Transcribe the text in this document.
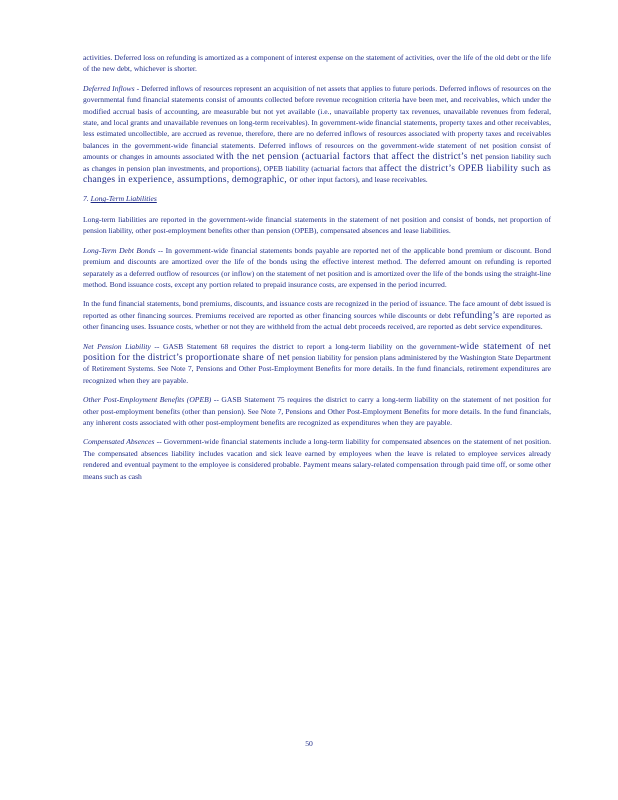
activities. Deferred loss on refunding is amortized as a component of interest expense on the statement of activities, over the life of the old debt or the life of the new debt, whichever is shorter.

Deferred Inflows - Deferred inflows of resources represent an acquisition of net assets that applies to future periods. Deferred inflows of resources on the governmental fund financial statements consist of amounts collected before revenue recognition criteria have been met, and receivables, which under the modified accrual basis of accounting, are measurable but not yet available (i.e., unavailable property tax revenues, unavailable revenues from federal, state, and local grants and unavailable revenues on long-term receivables). In government-wide financial statements, property taxes and other receivables, less estimated uncollectible, are accrued as revenue, therefore, there are no deferred inflows of resources associated with property taxes and receivables balances in the government-wide financial statements. Deferred inflows of resources on the government-wide statement of net position consist of amounts or changes in amounts associated with the net pension (actuarial factors that affect the district’s net pension liability such as changes in pension plan investments, and proportions), OPEB liability (actuarial factors that affect the district’s OPEB liability such as changes in experience, assumptions, demographic, or other input factors), and lease receivables.

7. Long-Term Liabilities

Long-term liabilities are reported in the government-wide financial statements in the statement of net position and consist of bonds, net proportion of pension liability, other post-employment benefits other than pension (OPEB), compensated absences and lease liabilities.

Long-Term Debt Bonds -- In government-wide financial statements bonds payable are reported net of the applicable bond premium or discount. Bond premium and discounts are amortized over the life of the bonds using the effective interest method. The deferred amount on refunding is reported separately as a deferred outflow of resources (or inflow) on the statement of net position and is amortized over the life of the bonds using the straight-line method. Bond issuance costs, except any portion related to prepaid insurance costs, are expensed in the period incurred.

In the fund financial statements, bond premiums, discounts, and issuance costs are recognized in the period of issuance. The face amount of debt issued is reported as other financing sources. Premiums received are reported as other financing sources while discounts or debt refunding’s are reported as other financing uses. Issuance costs, whether or not they are withheld from the actual debt proceeds received, are reported as debt service expenditures.

Net Pension Liability -- GASB Statement 68 requires the district to report a long-term liability on the government-wide statement of net position for the district’s proportionate share of net pension liability for pension plans administered by the Washington State Department of Retirement Systems. See Note 7, Pensions and Other Post-Employment Benefits for more details. In the fund financials, retirement expenditures are recognized when they are payable.

Other Post-Employment Benefits (OPEB) -- GASB Statement 75 requires the district to carry a long-term liability on the statement of net position for other post-employment benefits (other than pension). See Note 7, Pensions and Other Post-Employment Benefits for more details. In the fund financials, any inherent costs associated with other post-employment benefits are recognized as expenditures when they are payable.

Compensated Absences -- Government-wide financial statements include a long-term liability for compensated absences on the statement of net position. The compensated absences liability includes vacation and sick leave earned by employees when the leave is related to employee services already rendered and eventual payment to the employee is considered probable. Payment means salary-related compensation through paid time off, or some other means such as cash

50
